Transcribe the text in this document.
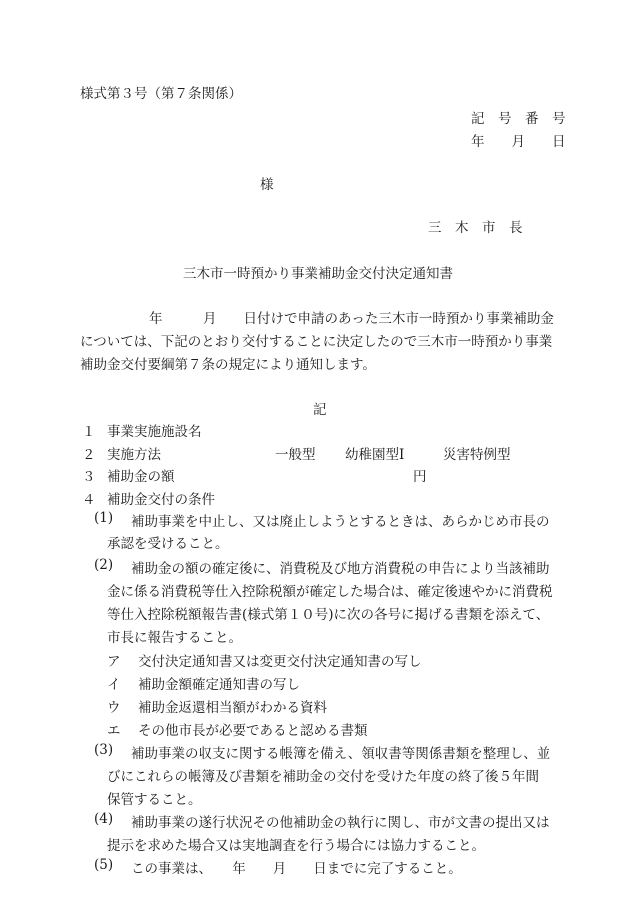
様式第３号（第７条関係）
記　号　番　号
年　　月　　日
様
三　木　市　長
三木市一時預かり事業補助金交付決定通知書
年　　　月　　日付けで申請のあった三木市一時預かり事業補助金
については、下記のとおり交付することに決定したので三木市一時預かり事業
補助金交付要綱第７条の規定により通知します。
記
１ 事業実施施設名
２ 実施方法	一般型 幼稚園型Ⅰ	災害特例型
３ 補助金の額	円
４ 補助金交付の条件
(1) 補助事業を中止し、又は廃止しようとするときは、あらかじめ市長の
承認を受けること。
(2) 補助金の額の確定後に、消費税及び地方消費税の申告により当該補助
金に係る消費税等仕入控除税額が確定した場合は、確定後速やかに消費税
等仕入控除税額報告書(様式第１０号)に次の各号に掲げる書類を添えて、
市長に報告すること。
ア 交付決定通知書又は変更交付決定通知書の写し
イ 補助金額確定通知書の写し
ウ 補助金返還相当額がわかる資料
エ その他市長が必要であると認める書類
(3) 補助事業の収支に関する帳簿を備え、領収書等関係書類を整理し、並
びにこれらの帳簿及び書類を補助金の交付を受けた年度の終了後５年間
保管すること。
(4) 補助事業の遂行状況その他補助金の執行に関し、市が文書の提出又は
提示を求めた場合又は実地調査を行う場合には協力すること。
(5) この事業は、　　年　　月　　日までに完了すること。
